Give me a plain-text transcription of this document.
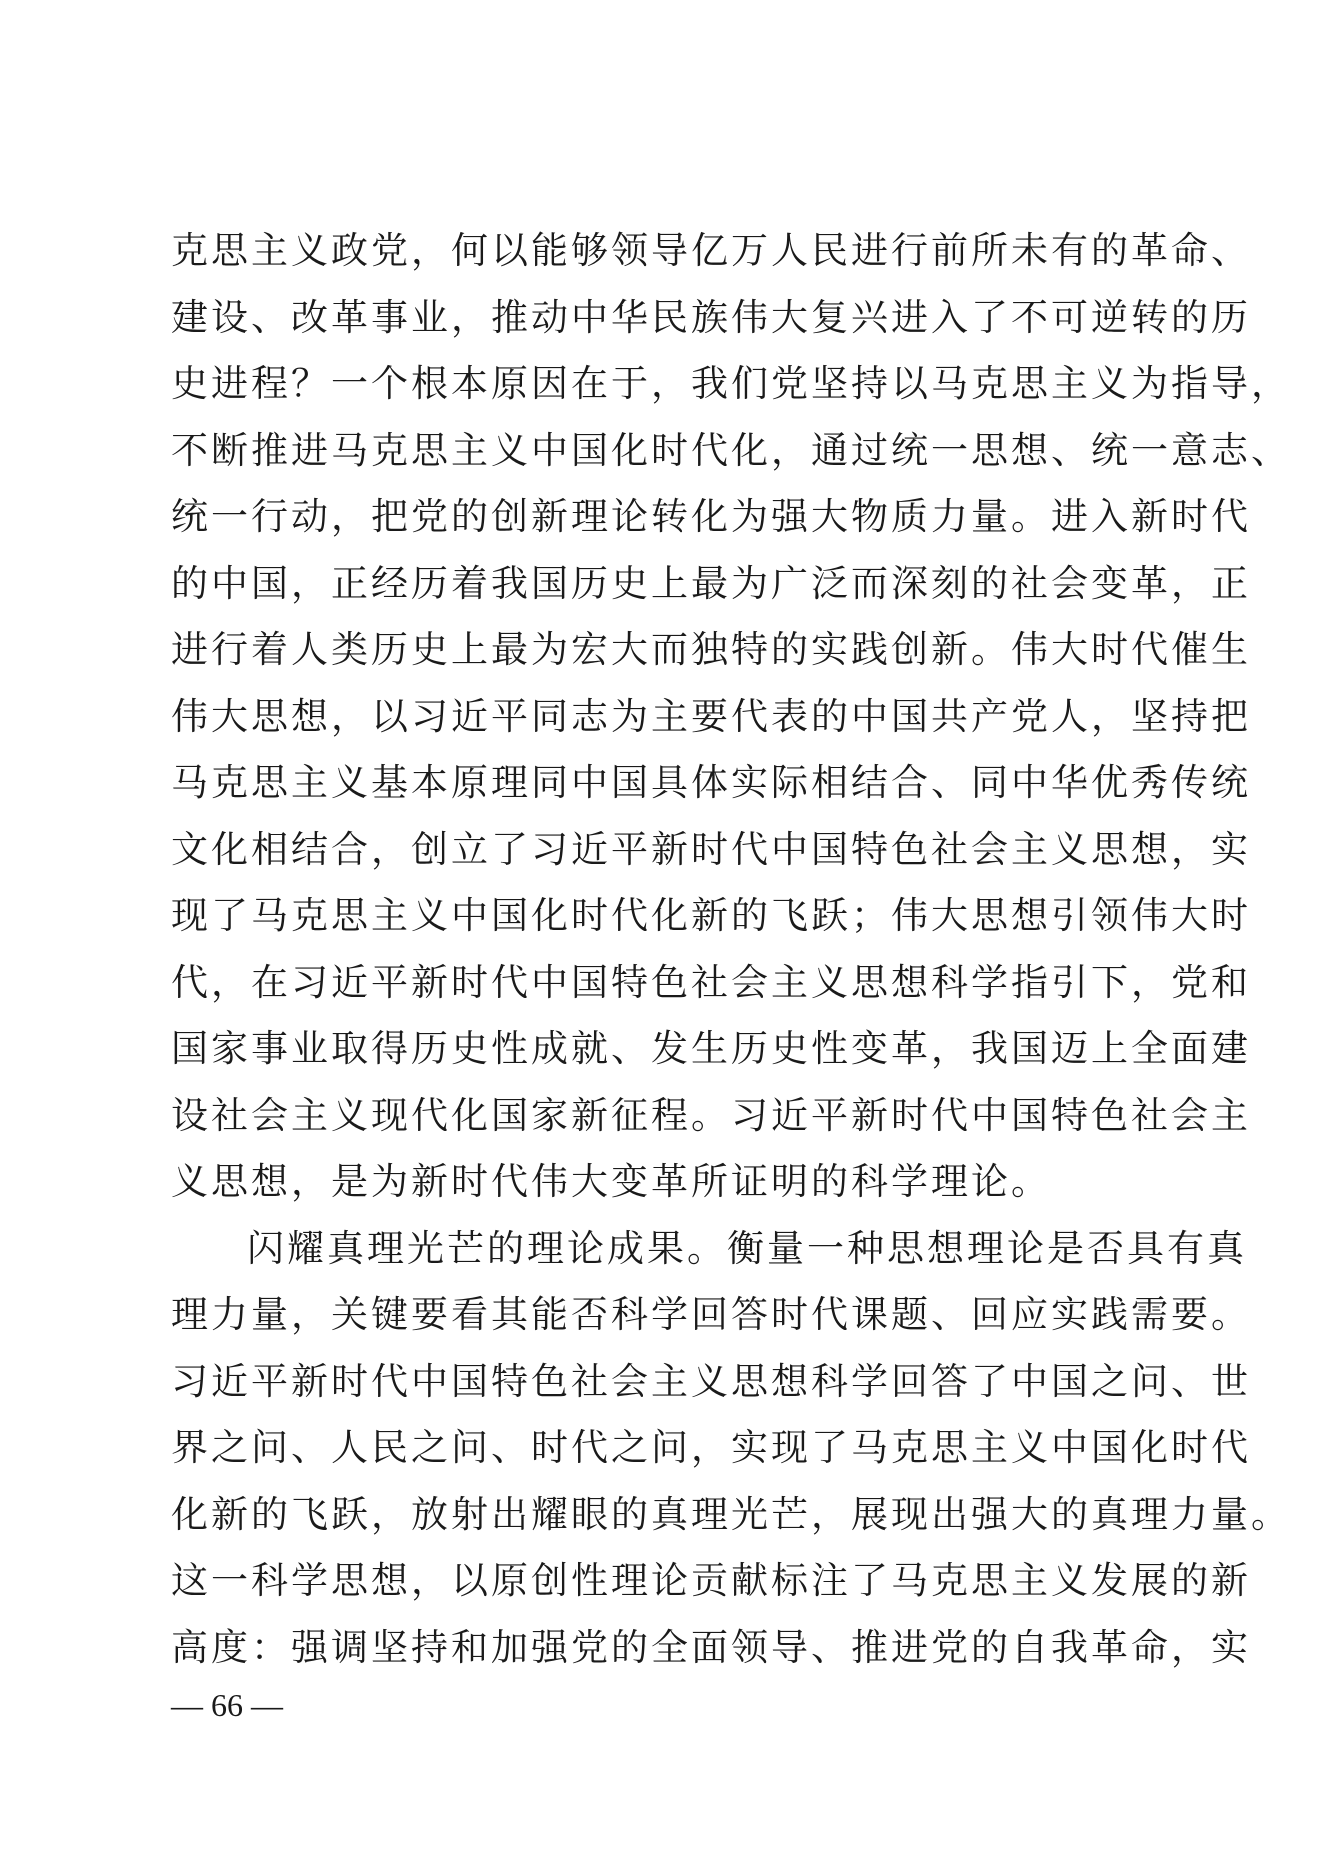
克思主义政党，何以能够领导亿万人民进行前所未有的革命、
建设、改革事业，推动中华民族伟大复兴进入了不可逆转的历
史进程？一个根本原因在于，我们党坚持以马克思主义为指导，
不断推进马克思主义中国化时代化，通过统一思想、统一意志、
统一行动，把党的创新理论转化为强大物质力量。进入新时代
的中国，正经历着我国历史上最为广泛而深刻的社会变革，正
进行着人类历史上最为宏大而独特的实践创新。伟大时代催生
伟大思想，以习近平同志为主要代表的中国共产党人，坚持把
马克思主义基本原理同中国具体实际相结合、同中华优秀传统
文化相结合，创立了习近平新时代中国特色社会主义思想，实
现了马克思主义中国化时代化新的飞跃；伟大思想引领伟大时
代，在习近平新时代中国特色社会主义思想科学指引下，党和
国家事业取得历史性成就、发生历史性变革，我国迈上全面建
设社会主义现代化国家新征程。习近平新时代中国特色社会主
义思想，是为新时代伟大变革所证明的科学理论。
闪耀真理光芒的理论成果。衡量一种思想理论是否具有真
理力量，关键要看其能否科学回答时代课题、回应实践需要。
习近平新时代中国特色社会主义思想科学回答了中国之问、世
界之问、人民之问、时代之问，实现了马克思主义中国化时代
化新的飞跃，放射出耀眼的真理光芒，展现出强大的真理力量。
这一科学思想，以原创性理论贡献标注了马克思主义发展的新
高度：强调坚持和加强党的全面领导、推进党的自我革命，实
— 66 —
